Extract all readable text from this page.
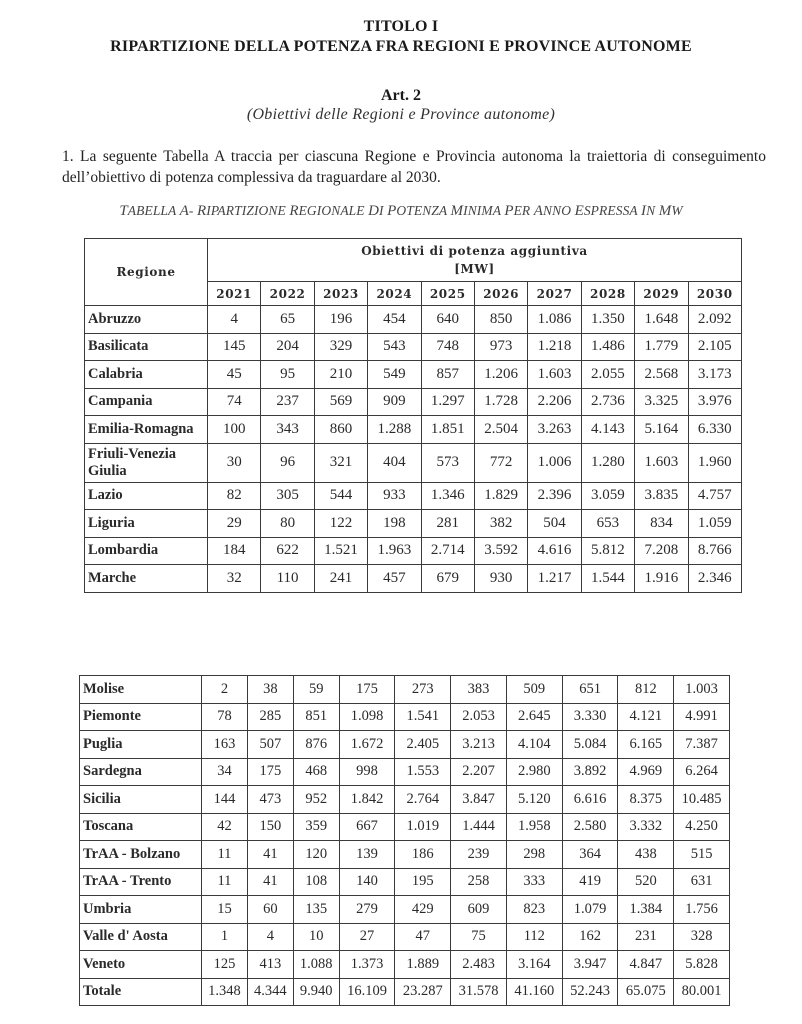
TITOLO I
RIPARTIZIONE DELLA POTENZA FRA REGIONI E PROVINCE AUTONOME
Art. 2
(Obiettivi delle Regioni e Province autonome)
1. La seguente Tabella A traccia per ciascuna Regione e Provincia autonoma la traiettoria di conseguimento dell’obiettivo di potenza complessiva da traguardare al 2030.
TABELLA A- RIPARTIZIONE REGIONALE DI POTENZA MINIMA PER ANNO ESPRESSA IN MW
Regione	Obiettivi di potenza aggiuntiva
[MW]									

	2021	2022	2023	2024	2025	2026	2027	2028	2029	2030
Abruzzo	4	65	196	454	640	850	1.086	1.350	1.648	2.092
Basilicata	145	204	329	543	748	973	1.218	1.486	1.779	2.105
Calabria	45	95	210	549	857	1.206	1.603	2.055	2.568	3.173
Campania	74	237	569	909	1.297	1.728	2.206	2.736	3.325	3.976
Emilia-Romagna	100	343	860	1.288	1.851	2.504	3.263	4.143	5.164	6.330
Friuli-Venezia Giulia	30	96	321	404	573	772	1.006	1.280	1.603	1.960
Lazio	82	305	544	933	1.346	1.829	2.396	3.059	3.835	4.757
Liguria	29	80	122	198	281	382	504	653	834	1.059
Lombardia	184	622	1.521	1.963	2.714	3.592	4.616	5.812	7.208	8.766
Marche	32	110	241	457	679	930	1.217	1.544	1.916	2.346
Molise	2	38	59	175	273	383	509	651	812	1.003
Piemonte	78	285	851	1.098	1.541	2.053	2.645	3.330	4.121	4.991
Puglia	163	507	876	1.672	2.405	3.213	4.104	5.084	6.165	7.387
Sardegna	34	175	468	998	1.553	2.207	2.980	3.892	4.969	6.264
Sicilia	144	473	952	1.842	2.764	3.847	5.120	6.616	8.375	10.485
Toscana	42	150	359	667	1.019	1.444	1.958	2.580	3.332	4.250
TrAA - Bolzano	11	41	120	139	186	239	298	364	438	515
TrAA - Trento	11	41	108	140	195	258	333	419	520	631
Umbria	15	60	135	279	429	609	823	1.079	1.384	1.756
Valle d' Aosta	1	4	10	27	47	75	112	162	231	328
Veneto	125	413	1.088	1.373	1.889	2.483	3.164	3.947	4.847	5.828
Totale	1.348	4.344	9.940	16.109	23.287	31.578	41.160	52.243	65.075	80.001
